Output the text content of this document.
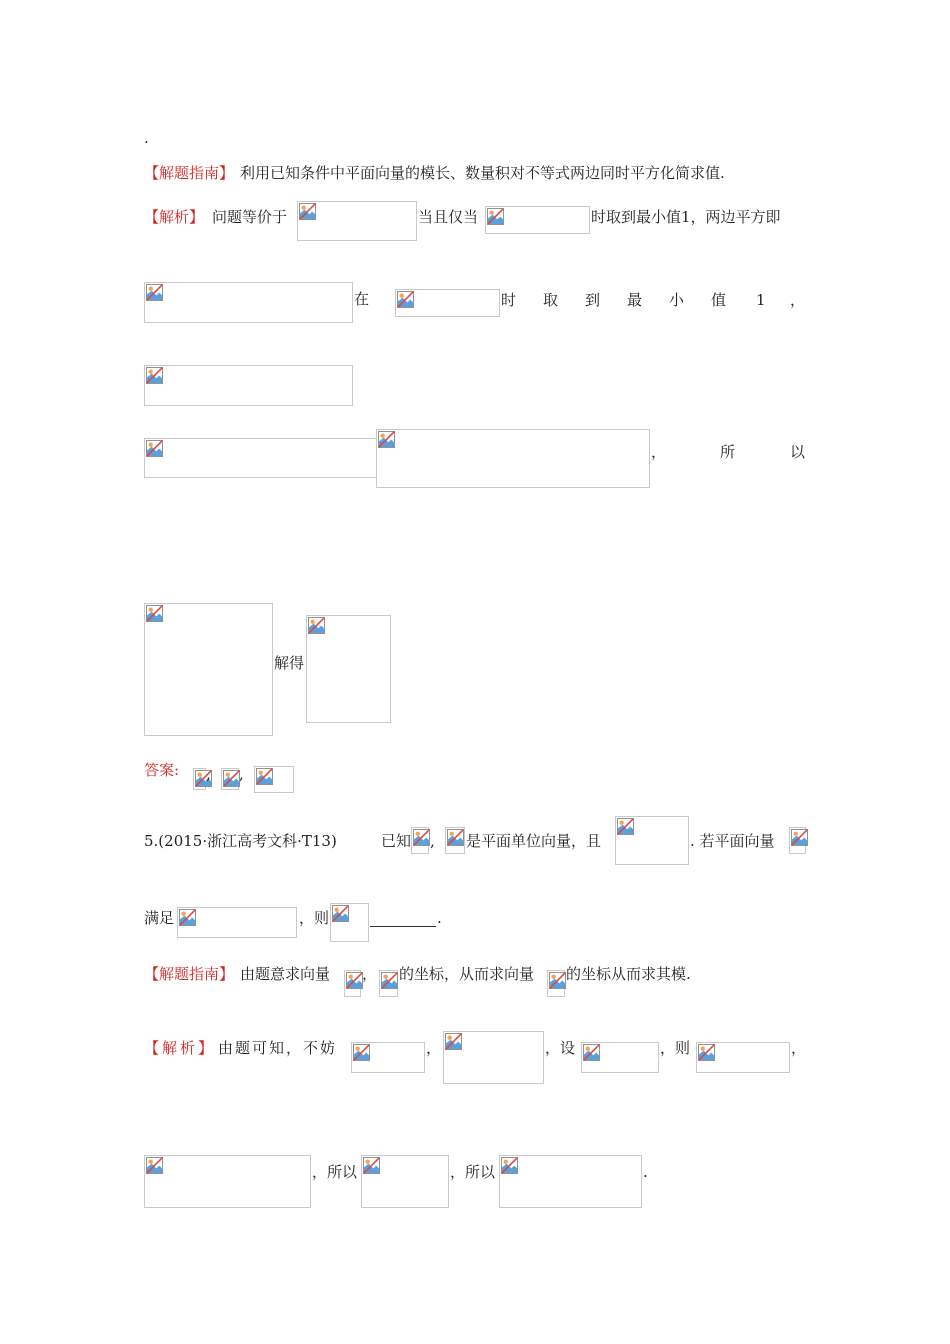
.
【解题指南】 利用已知条件中平面向量的模长、数量积对不等式两边同时平方化简求值.
【解析】 问题等价于	当且仅当	时取到最小值1，两边平方即
在	时 取 到 最 小 值 1 ，
，	所	以
解得
答案: , ,
5.(2015·浙江高考文科·T13)	已知 , 是平面单位向量，且	. 若平面向量
满足	，则	.
【解题指南】 由题意求向量 ， 的坐标，从而求向量 的坐标从而求其模.
【解析】 由题可知，不妨	，	，设	，则	，
，所以	，所以	.
